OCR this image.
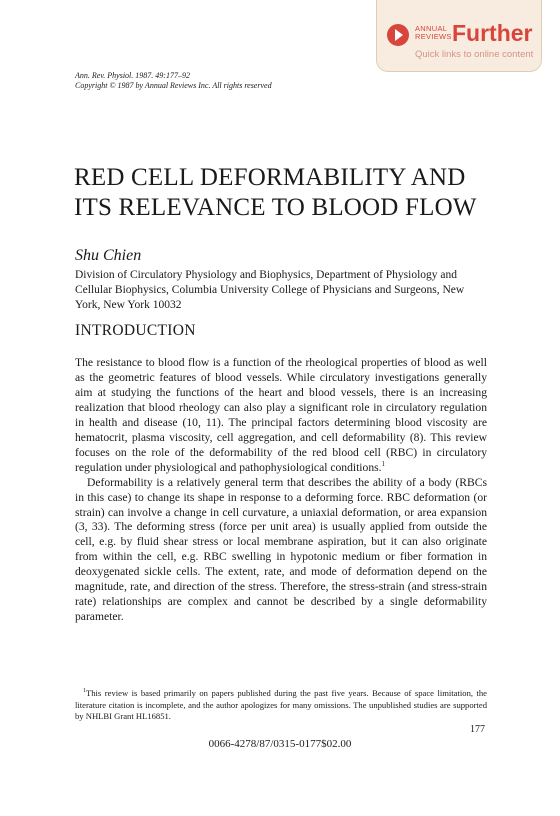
ANNUAL
REVIEWS Further
Quick links to online content
Ann. Rev. Physiol. 1987. 49:177–92
Copyright © 1987 by Annual Reviews Inc. All rights reserved
RED CELL DEFORMABILITY AND
ITS RELEVANCE TO BLOOD FLOW
Shu Chien
Division of Circulatory Physiology and Biophysics, Department of Physiology and Cellular Biophysics, Columbia University College of Physicians and Surgeons, New York, New York 10032
INTRODUCTION

The resistance to blood flow is a function of the rheological properties of blood as well as the geometric features of blood vessels. While circulatory investigations generally aim at studying the functions of the heart and blood vessels, there is an increasing realization that blood rheology can also play a significant role in circulatory regulation in health and disease (10, 11). The principal factors determining blood viscosity are hematocrit, plasma viscosity, cell aggregation, and cell deformability (8). This review focuses on the role of the deformability of the red blood cell (RBC) in circulatory regulation under physiological and pathophysiological conditions.$^1$

Deformability is a relatively general term that describes the ability of a body (RBCs in this case) to change its shape in response to a deforming force. RBC deformation (or strain) can involve a change in cell curvature, a uniaxial deformation, or area expansion (3, 33). The deforming stress (force per unit area) is usually applied from outside the cell, e.g. by fluid shear stress or local membrane aspiration, but it can also originate from within the cell, e.g. RBC swelling in hypotonic medium or fiber formation in deoxygenated sickle cells. The extent, rate, and mode of deformation depend on the magnitude, rate, and direction of the stress. Therefore, the stress-strain (and stress-strain rate) relationships are complex and cannot be described by a single deformability parameter.

$^1$This review is based primarily on papers published during the past five years. Because of space limitation, the literature citation is incomplete, and the author apologizes for many omissions. The unpublished studies are supported by NHLBI Grant HL16851.
177
0066-4278/87/0315-0177$02.00
